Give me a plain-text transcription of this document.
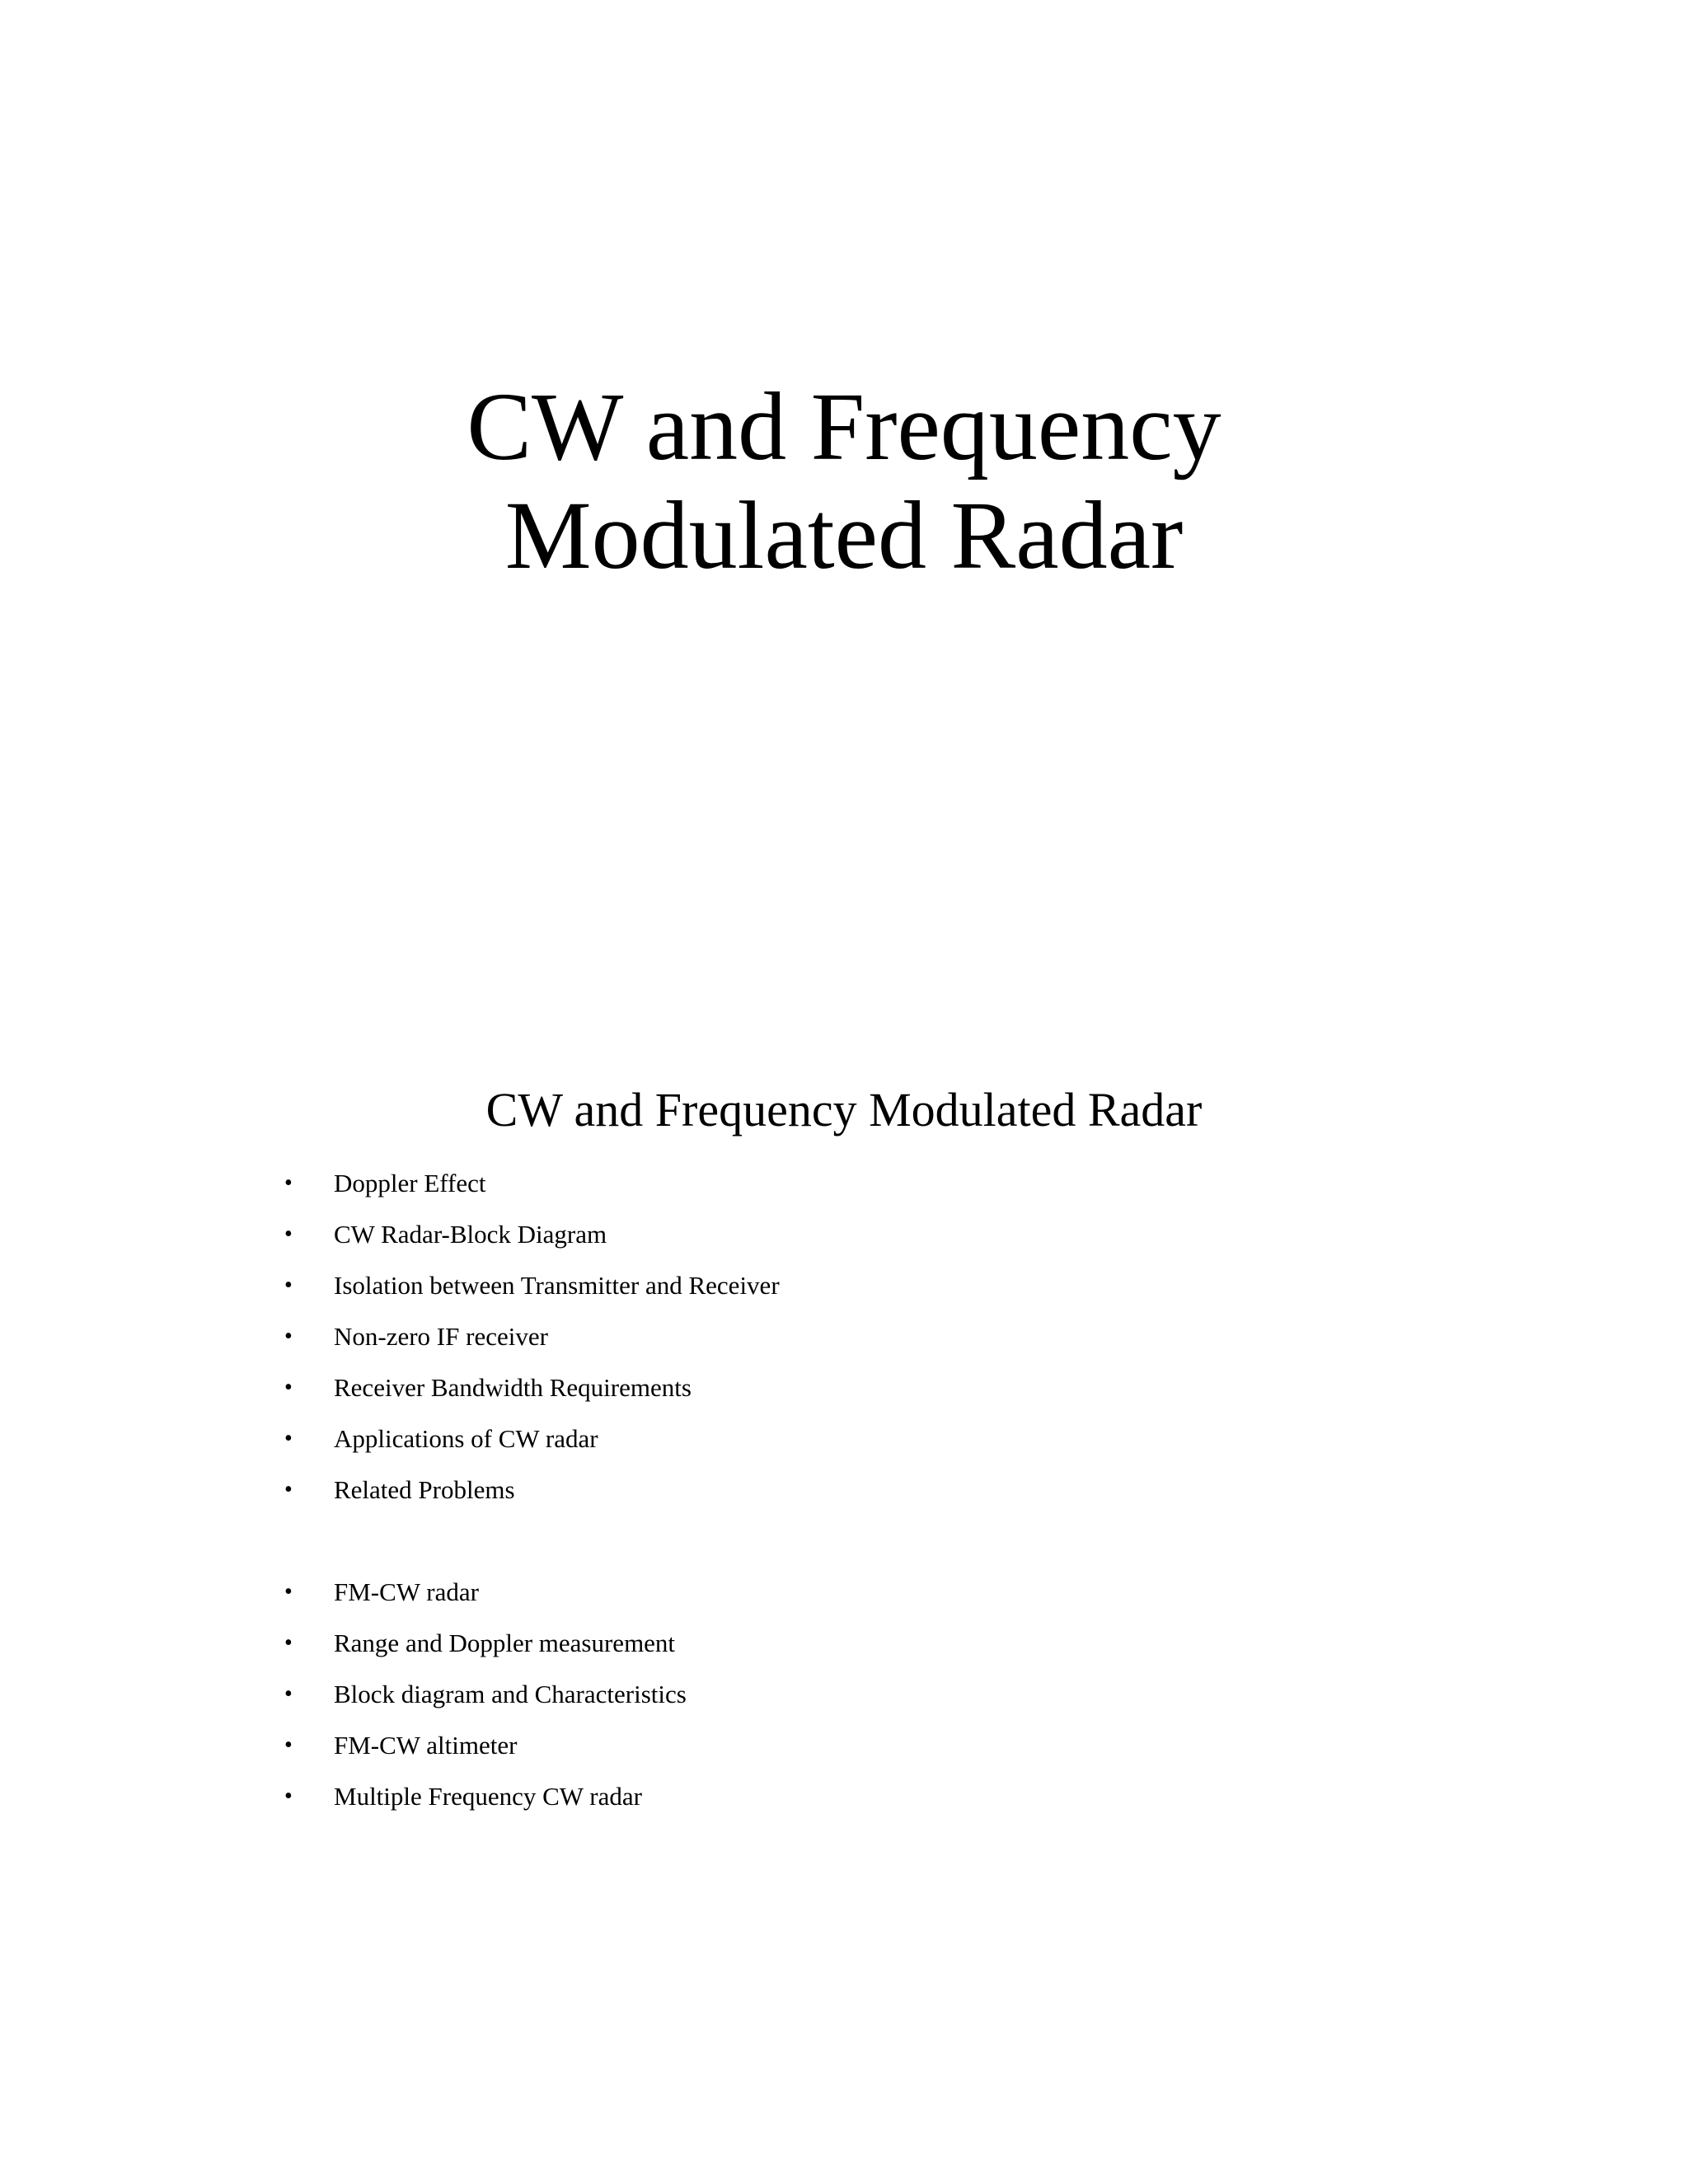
CW and Frequency
Modulated Radar
CW and Frequency Modulated Radar
• Doppler Effect
• CW Radar-Block Diagram
• Isolation between Transmitter and Receiver
• Non-zero IF receiver
• Receiver Bandwidth Requirements
• Applications of CW radar
• Related Problems
• FM-CW radar
• Range and Doppler measurement
• Block diagram and Characteristics
• FM-CW altimeter
• Multiple Frequency CW radar
